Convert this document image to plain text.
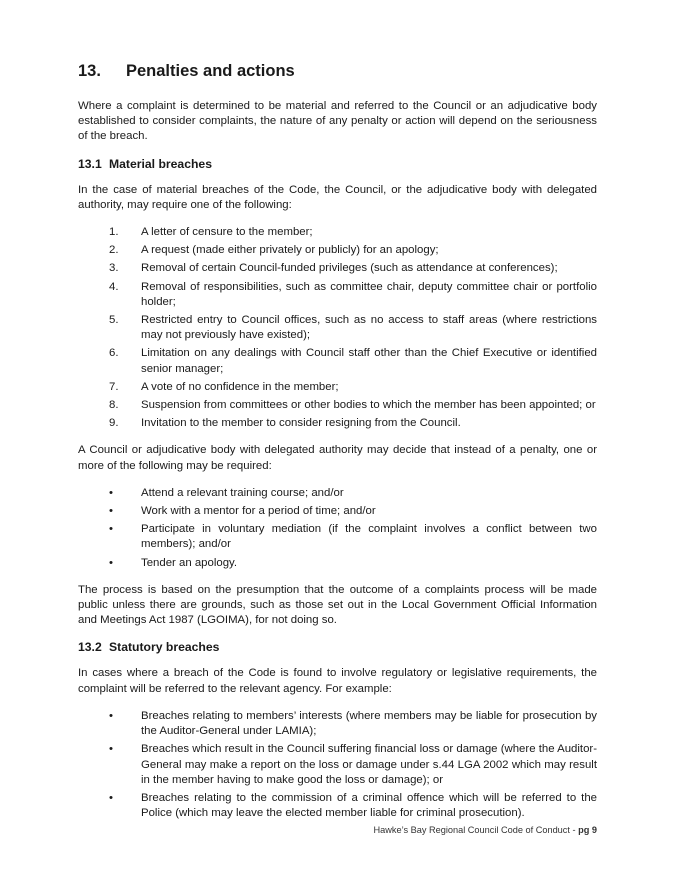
13.	Penalties and actions

Where a complaint is determined to be material and referred to the Council or an adjudicative body established to consider complaints, the nature of any penalty or action will depend on the seriousness of the breach.

13.1 Material breaches

In the case of material breaches of the Code, the Council, or the adjudicative body with delegated authority, may require one of the following:

1.	A letter of censure to the member;
2.	A request (made either privately or publicly) for an apology;
3.	Removal of certain Council-funded privileges (such as attendance at conferences);
4.	Removal of responsibilities, such as committee chair, deputy committee chair or portfolio holder;
5.	Restricted entry to Council offices, such as no access to staff areas (where restrictions may not previously have existed);
6.	Limitation on any dealings with Council staff other than the Chief Executive or identified senior manager;
7.	A vote of no confidence in the member;
8.	Suspension from committees or other bodies to which the member has been appointed; or
9.	Invitation to the member to consider resigning from the Council.

A Council or adjudicative body with delegated authority may decide that instead of a penalty, one or more of the following may be required:

•	Attend a relevant training course; and/or
•	Work with a mentor for a period of time; and/or
•	Participate in voluntary mediation (if the complaint involves a conflict between two members); and/or
•	Tender an apology.

The process is based on the presumption that the outcome of a complaints process will be made public unless there are grounds, such as those set out in the Local Government Official Information and Meetings Act 1987 (LGOIMA), for not doing so.

13.2 Statutory breaches

In cases where a breach of the Code is found to involve regulatory or legislative requirements, the complaint will be referred to the relevant agency. For example:

•	Breaches relating to members’ interests (where members may be liable for prosecution by the Auditor-General under LAMIA);
•	Breaches which result in the Council suffering financial loss or damage (where the Auditor-General may make a report on the loss or damage under s.44 LGA 2002 which may result in the member having to make good the loss or damage); or
•	Breaches relating to the commission of a criminal offence which will be referred to the Police (which may leave the elected member liable for criminal prosecution).
Hawke’s Bay Regional Council Code of Conduct - pg 9
